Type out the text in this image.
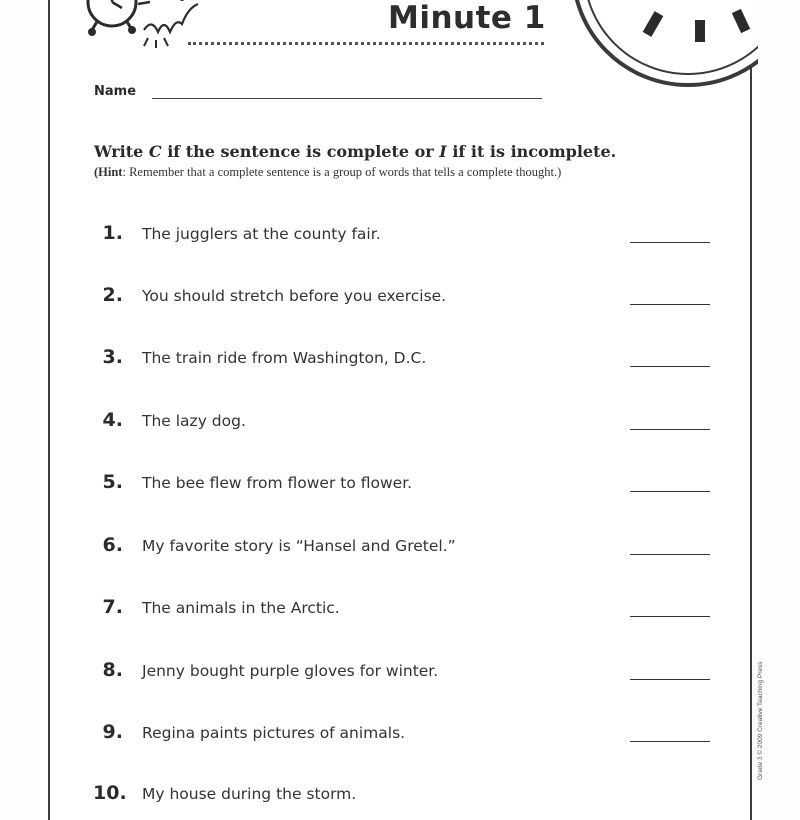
Minute 1
Name
Write C if the sentence is complete or I if it is incomplete.
(Hint: Remember that a complete sentence is a group of words that tells a complete thought.)
1. The jugglers at the county fair.
2. You should stretch before you exercise.
3. The train ride from Washington, D.C.
4. The lazy dog.
5. The bee flew from flower to flower.
6. My favorite story is “Hansel and Gretel.”
7. The animals in the Arctic.
8. Jenny bought purple gloves for winter.
9. Regina paints pictures of animals.
10. My house during the storm.
Grade 3 © 2009 Creative Teaching Press
